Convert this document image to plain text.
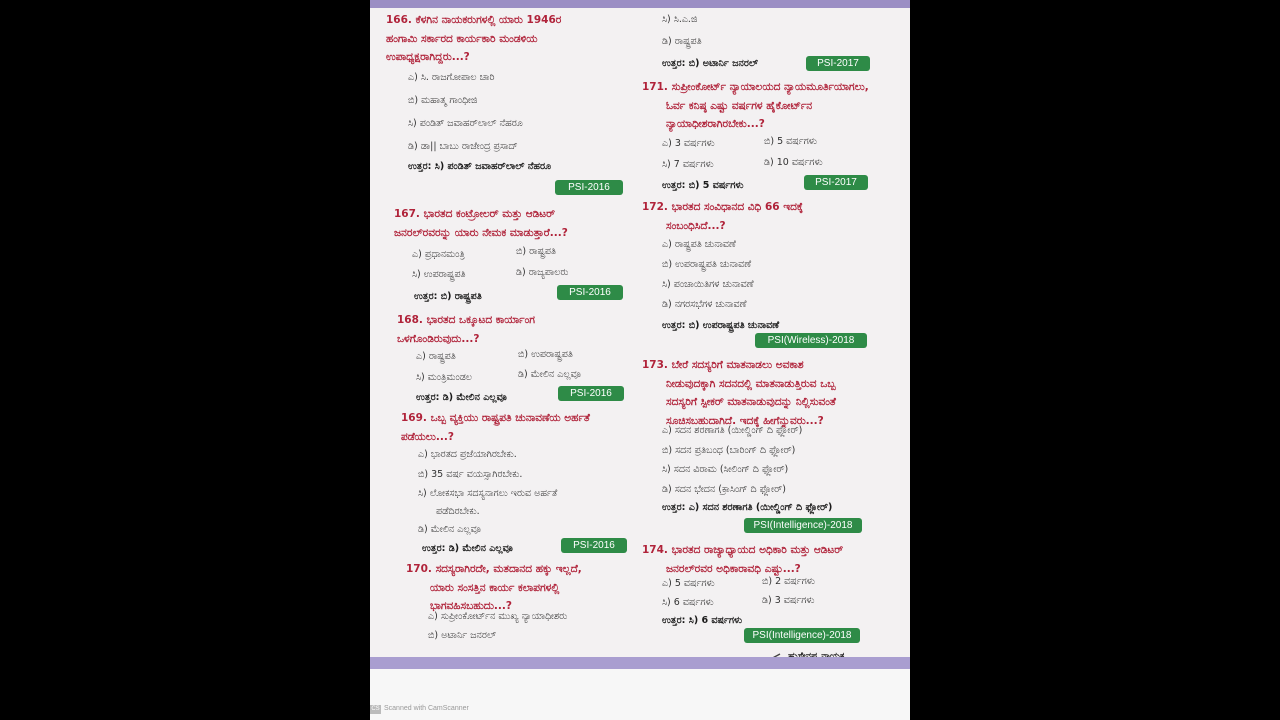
166. ಕೆಳಗಿನ ನಾಯಕರುಗಳಲ್ಲಿ ಯಾರು 1946ರ
ಹಂಗಾಮಿ ಸರ್ಕಾರದ ಕಾರ್ಯಕಾರಿ ಮಂಡಳಿಯ
ಉಪಾಧ್ಯಕ್ಷರಾಗಿದ್ದರು...?
ಎ) ಸಿ. ರಾಜಗೋಪಾಲ ಚಾರಿ
ಬಿ) ಮಹಾತ್ಮ ಗಾಂಧೀಜಿ
ಸಿ) ಪಂಡಿತ್ ಜವಾಹರ್‌ಲಾಲ್ ನೆಹರೂ
ಡಿ) ಡಾ|| ಬಾಬು ರಾಜೇಂದ್ರ ಪ್ರಸಾದ್
ಉತ್ತರ: ಸಿ) ಪಂಡಿತ್ ಜವಾಹರ್‌ಲಾಲ್ ನೆಹರೂ
PSI-2016
167. ಭಾರತದ ಕಂಟ್ರೋಲರ್ ಮತ್ತು ಆಡಿಟರ್
ಜನರಲ್‌ರವರನ್ನು ಯಾರು ನೇಮಕ ಮಾಡುತ್ತಾರೆ...?
ಎ) ಪ್ರಧಾನಮಂತ್ರಿ	ಬಿ) ರಾಷ್ಟ್ರಪತಿ
ಸಿ) ಉಪರಾಷ್ಟ್ರಪತಿ	ಡಿ) ರಾಜ್ಯಪಾಲರು
ಉತ್ತರ: ಬಿ) ರಾಷ್ಟ್ರಪತಿ	PSI-2016
168. ಭಾರತದ ಒಕ್ಕೂಟದ ಕಾರ್ಯಾಂಗ
ಒಳಗೊಂಡಿರುವುದು...?
ಎ) ರಾಷ್ಟ್ರಪತಿ	ಬಿ) ಉಪರಾಷ್ಟ್ರಪತಿ
ಸಿ) ಮಂತ್ರಿಮಂಡಲ	ಡಿ) ಮೇಲಿನ ಎಲ್ಲವೂ
ಉತ್ತರ: ಡಿ) ಮೇಲಿನ ಎಲ್ಲವೂ	PSI-2016
169. ಒಬ್ಬ ವ್ಯಕ್ತಿಯು ರಾಷ್ಟ್ರಪತಿ ಚುನಾವಣೆಯ ಅರ್ಹತೆ
ಪಡೆಯಲು...?
ಎ) ಭಾರತದ ಪ್ರಜೆಯಾಗಿರಬೇಕು.
ಬಿ) 35 ವರ್ಷ ವಯಸ್ಸಾಗಿರಬೇಕು.
ಸಿ) ಲೋಕಸಭಾ ಸದಸ್ಯನಾಗಲು ಇರುವ ಅರ್ಹತೆ
ಪಡೆದಿರಬೇಕು.
ಡಿ) ಮೇಲಿನ ಎಲ್ಲವೂ
ಉತ್ತರ: ಡಿ) ಮೇಲಿನ ಎಲ್ಲವೂ	PSI-2016
170. ಸದಸ್ಯರಾಗಿರದೇ, ಮತದಾನದ ಹಕ್ಕು ಇಲ್ಲದೆ,
ಯಾರು ಸಂಸತ್ತಿನ ಕಾರ್ಯ ಕಲಾಪಗಳಲ್ಲಿ
ಭಾಗವಹಿಸಬಹುದು...?
ಎ) ಸುಪ್ರೀಂಕೋರ್ಟ್‌ನ ಮುಖ್ಯ ನ್ಯಾಯಾಧೀಶರು
ಬಿ) ಅಟಾರ್ನಿ ಜನರಲ್
ಸಿ) ಸಿ.ಎ.ಜಿ
ಡಿ) ರಾಷ್ಟ್ರಪತಿ
ಉತ್ತರ: ಬಿ) ಅಟಾರ್ನಿ ಜನರಲ್	PSI-2017
171. ಸುಪ್ರೀಂಕೋರ್ಟ್ ನ್ಯಾಯಾಲಯದ ನ್ಯಾಯಮೂರ್ತಿಯಾಗಲು,
ಓರ್ವ ಕನಿಷ್ಠ ಎಷ್ಟು ವರ್ಷಗಳ ಹೈಕೋರ್ಟ್‌ನ
ನ್ಯಾಯಾಧೀಶರಾಗಿರಬೇಕು...?
ಎ) 3 ವರ್ಷಗಳು	ಬಿ) 5 ವರ್ಷಗಳು
ಸಿ) 7 ವರ್ಷಗಳು	ಡಿ) 10 ವರ್ಷಗಳು
ಉತ್ತರ: ಬಿ) 5 ವರ್ಷಗಳು	PSI-2017
172. ಭಾರತದ ಸಂವಿಧಾನದ ವಿಧಿ 66 ಇದಕ್ಕೆ
ಸಂಬಂಧಿಸಿದೆ...?
ಎ) ರಾಷ್ಟ್ರಪತಿ ಚುನಾವಣೆ
ಬಿ) ಉಪರಾಷ್ಟ್ರಪತಿ ಚುನಾವಣೆ
ಸಿ) ಪಂಚಾಯಿತಿಗಳ ಚುನಾವಣೆ
ಡಿ) ನಗರಸಭೆಗಳ ಚುನಾವಣೆ
ಉತ್ತರ: ಬಿ) ಉಪರಾಷ್ಟ್ರಪತಿ ಚುನಾವಣೆ
PSI(Wireless)-2018
173. ಬೇರೆ ಸದಸ್ಯರಿಗೆ ಮಾತನಾಡಲು ಅವಕಾಶ
ನೀಡುವುದಕ್ಕಾಗಿ ಸದನದಲ್ಲಿ ಮಾತನಾಡುತ್ತಿರುವ ಒಬ್ಬ
ಸದಸ್ಯರಿಗೆ ಸ್ಪೀಕರ್ ಮಾತನಾಡುವುದನ್ನು ನಿಲ್ಲಿಸುವಂತೆ
ಸೂಚಿಸಬಹುದಾಗಿದೆ. ಇದಕ್ಕೆ ಹೀಗೆನ್ನುವರು...?
ಎ) ಸದನ ಶರಣಾಗತಿ (ಯೀಲ್ಡಿಂಗ್ ದಿ ಫ್ಲೋರ್)
ಬಿ) ಸದನ ಪ್ರತಿಬಂಧ (ಬಾರಿಂಗ್ ದಿ ಫ್ಲೋರ್)
ಸಿ) ಸದನ ವಿರಾಮ (ಸೀಲಿಂಗ್ ದಿ ಫ್ಲೋರ್)
ಡಿ) ಸದನ ಭೇದನ (ಕ್ರಾಸಿಂಗ್ ದಿ ಫ್ಲೋರ್)
ಉತ್ತರ: ಎ) ಸದನ ಶರಣಾಗತಿ (ಯೀಲ್ಡಿಂಗ್ ದಿ ಫ್ಲೋರ್)
PSI(Intelligence)-2018
174. ಭಾರತದ ರಾಜ್ಯಾಧ್ಯಾಯದ ಅಧಿಕಾರಿ ಮತ್ತು ಆಡಿಟರ್
ಜನರಲ್‌ರವರ ಅಧಿಕಾರಾವಧಿ ಎಷ್ಟು...?
ಎ) 5 ವರ್ಷಗಳು	ಬಿ) 2 ವರ್ಷಗಳು
ಸಿ) 6 ವರ್ಷಗಳು	ಡಿ) 3 ವರ್ಷಗಳು
ಉತ್ತರ: ಸಿ) 6 ವರ್ಷಗಳು
PSI(Intelligence)-2018
CS Scanned with CamScanner
